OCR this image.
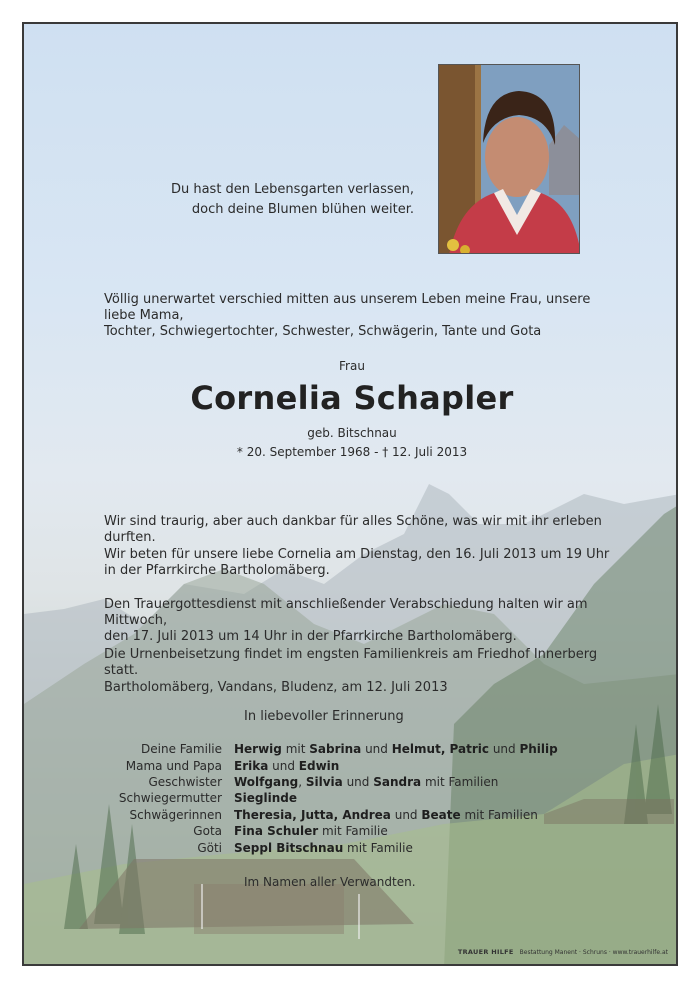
Du hast den Lebensgarten verlassen,
doch deine Blumen blühen weiter.
Völlig unerwartet verschied mitten aus unserem Leben meine Frau, unsere liebe Mama,
Tochter, Schwiegertochter, Schwester, Schwägerin, Tante und Gota
Frau
Cornelia Schapler
geb. Bitschnau
* 20. September 1968 - † 12. Juli 2013
Wir sind traurig, aber auch dankbar für alles Schöne, was wir mit ihr erleben durften.
Wir beten für unsere liebe Cornelia am Dienstag, den 16. Juli 2013 um 19 Uhr
in der Pfarrkirche Bartholomäberg.
Den Trauergottesdienst mit anschließender Verabschiedung halten wir am Mittwoch,
den 17. Juli 2013 um 14 Uhr in der Pfarrkirche Bartholomäberg.
Die Urnenbeisetzung findet im engsten Familienkreis am Friedhof Innerberg statt.
Bartholomäberg, Vandans, Bludenz, am 12. Juli 2013
In liebevoller Erinnerung
Deine Familie	Herwig mit Sabrina und Helmut, Patric und Philip
Mama und Papa	Erika und Edwin
Geschwister	Wolfgang, Silvia und Sandra mit Familien
Schwiegermutter	Sieglinde
Schwägerinnen	Theresia, Jutta, Andrea und Beate mit Familien
Gota	Fina Schuler mit Familie
Göti	Seppl Bitschnau mit Familie
Im Namen aller Verwandten.
TRAUER HILFE Bestattung Manent · Schruns · www.trauerhilfe.at
